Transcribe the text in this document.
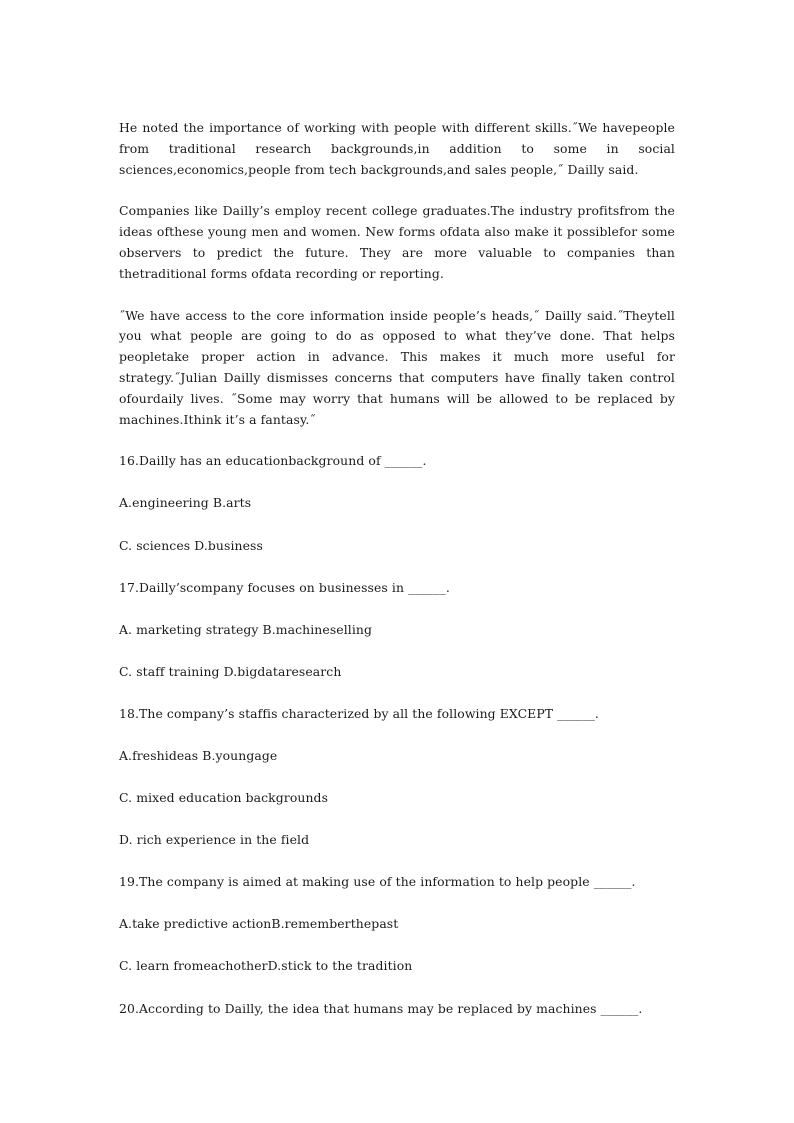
He noted the importance of working with people with different skills.˝We havepeople from traditional research backgrounds,in addition to some in social sciences,economics,people from tech backgrounds,and sales people,˝ Dailly said.

Companies like Dailly’s employ recent college graduates.The industry profitsfrom the ideas ofthese young men and women. New forms ofdata also make it possiblefor some observers to predict the future. They are more valuable to companies than thetraditional forms ofdata recording or reporting.

˝We have access to the core information inside people’s heads,˝ Dailly said.˝Theytell you what people are going to do as opposed to what they’ve done. That helps peopletake proper action in advance. This makes it much more useful for strategy.˝Julian Dailly dismisses concerns that computers have finally taken control ofourdaily lives. ˝Some may worry that humans will be allowed to be replaced by machines.Ithink it’s a fantasy.˝

16.Dailly has an educationbackground of ______.
A.engineering B.arts
C. sciences D.business
17.Dailly’scompany focuses on businesses in ______.
A. marketing strategy B.machineselling
C. staff training D.bigdataresearch
18.The company’s staffis characterized by all the following EXCEPT ______.
A.freshideas B.youngage
C. mixed education backgrounds
D. rich experience in the field
19.The company is aimed at making use of the information to help people ______.
A.take predictive actionB.rememberthepast
C. learn fromeachotherD.stick to the tradition
20.According to Dailly, the idea that humans may be replaced by machines ______.
